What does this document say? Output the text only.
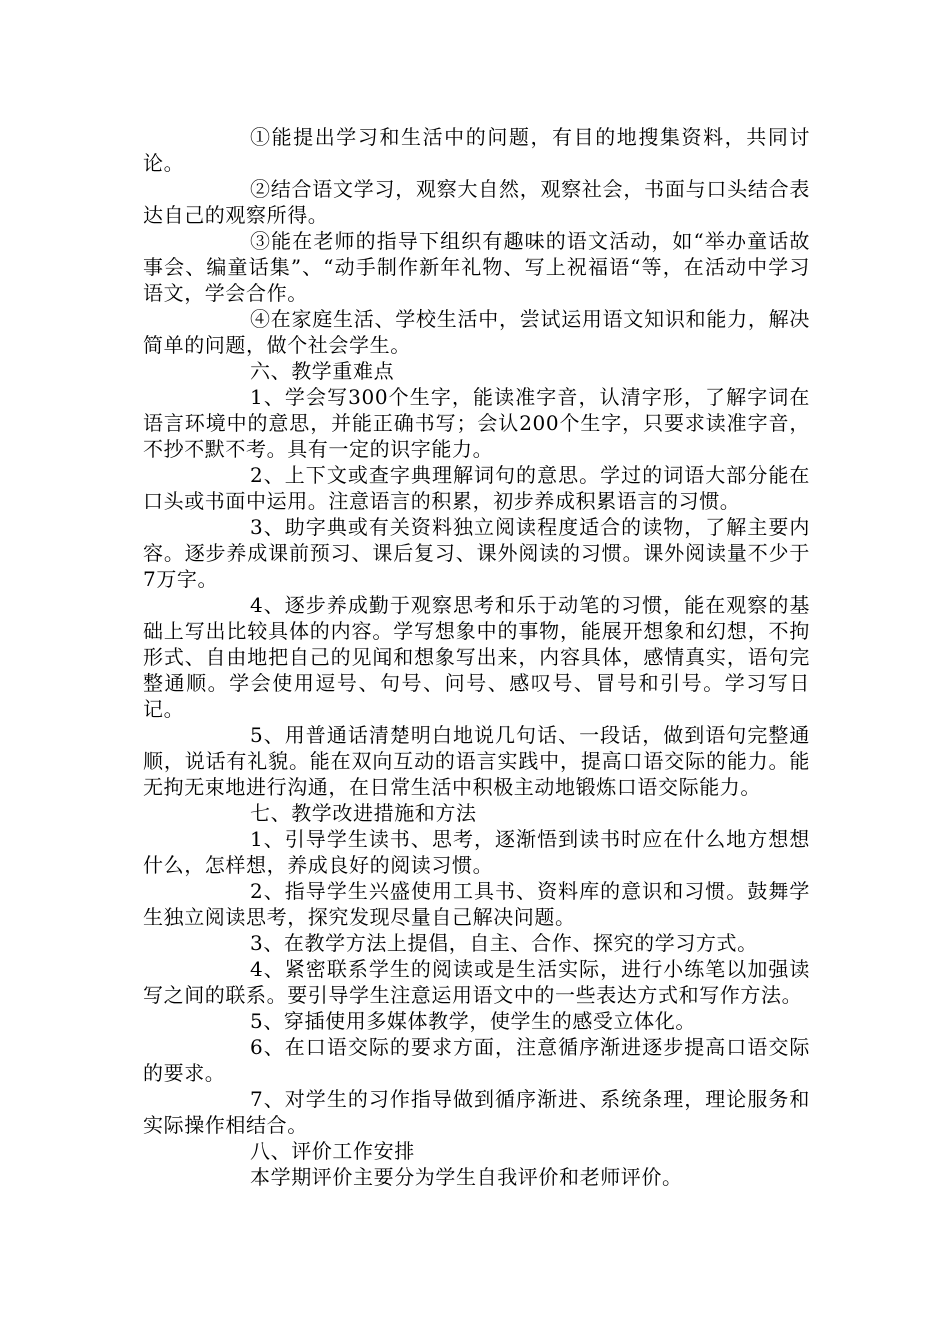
①能提出学习和生活中的问题，有目的地搜集资料，共同讨论。

②结合语文学习，观察大自然，观察社会，书面与口头结合表达自己的观察所得。

③能在老师的指导下组织有趣味的语文活动，如“举办童话故事会、编童话集”、“动手制作新年礼物、写上祝福语“等，在活动中学习语文，学会合作。

④在家庭生活、学校生活中，尝试运用语文知识和能力，解决简单的问题，做个社会学生。

六、教学重难点

1、学会写300个生字，能读准字音，认清字形，了解字词在语言环境中的意思，并能正确书写；会认200个生字，只要求读准字音，不抄不默不考。具有一定的识字能力。

2、上下文或查字典理解词句的意思。学过的词语大部分能在口头或书面中运用。注意语言的积累，初步养成积累语言的习惯。

3、助字典或有关资料独立阅读程度适合的读物，了解主要内容。逐步养成课前预习、课后复习、课外阅读的习惯。课外阅读量不少于7万字。

4、逐步养成勤于观察思考和乐于动笔的习惯，能在观察的基础上写出比较具体的内容。学写想象中的事物，能展开想象和幻想，不拘形式、自由地把自己的见闻和想象写出来，内容具体，感情真实，语句完整通顺。学会使用逗号、句号、问号、感叹号、冒号和引号。学习写日记。

5、用普通话清楚明白地说几句话、一段话，做到语句完整通顺，说话有礼貌。能在双向互动的语言实践中，提高口语交际的能力。能无拘无束地进行沟通，在日常生活中积极主动地锻炼口语交际能力。

七、教学改进措施和方法

1、引导学生读书、思考，逐渐悟到读书时应在什么地方想想什么，怎样想，养成良好的阅读习惯。

2、指导学生兴盛使用工具书、资料库的意识和习惯。鼓舞学生独立阅读思考，探究发现尽量自己解决问题。

3、在教学方法上提倡，自主、合作、探究的学习方式。

4、紧密联系学生的阅读或是生活实际，进行小练笔以加强读写之间的联系。要引导学生注意运用语文中的一些表达方式和写作方法。

5、穿插使用多媒体教学，使学生的感受立体化。

6、在口语交际的要求方面，注意循序渐进逐步提高口语交际的要求。

7、对学生的习作指导做到循序渐进、系统条理，理论服务和实际操作相结合。

八、评价工作安排

本学期评价主要分为学生自我评价和老师评价。
